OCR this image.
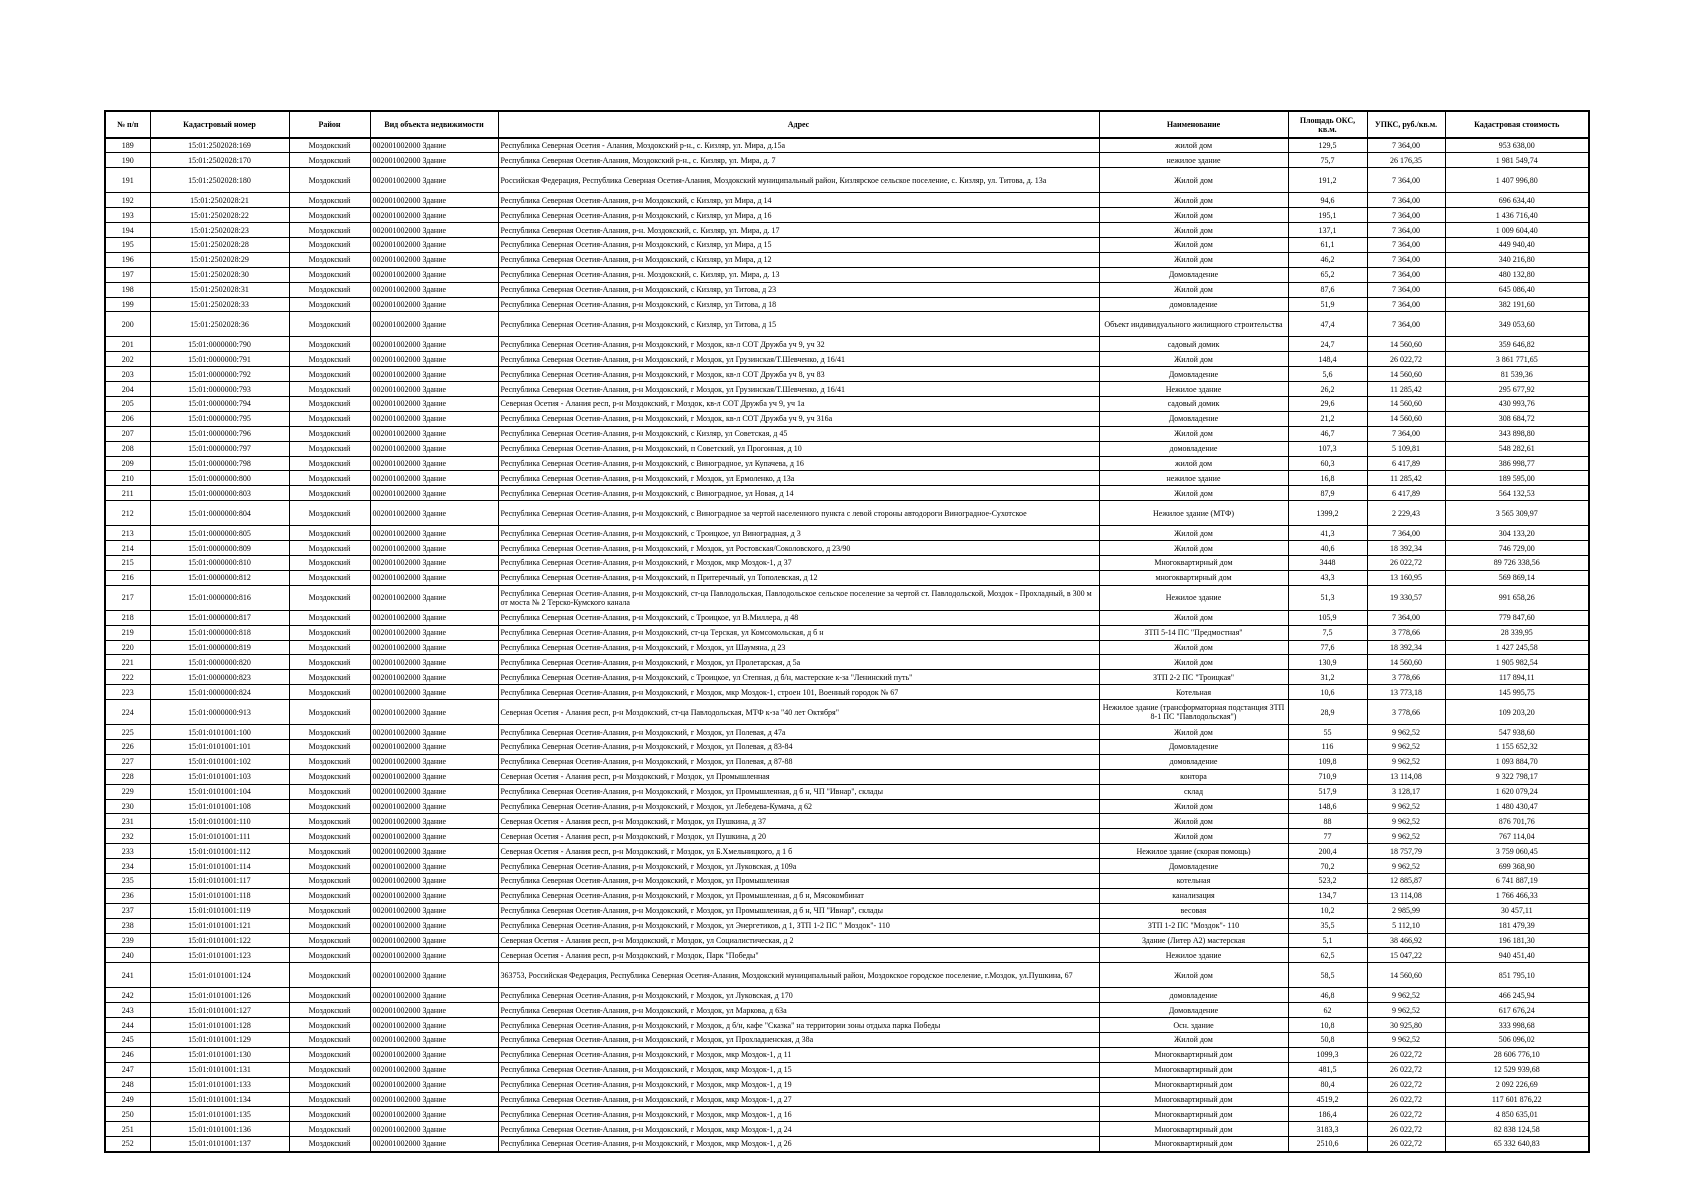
№ п/п	Кадастровый номер	Район	Вид объекта недвижимости	Адрес	Наименование	Площадь ОКС, кв.м.	УПКС, руб./кв.м.	Кадастровая стоимость
189	15:01:2502028:169	Моздокский	002001002000 Здание	Республика Северная Осетия - Алания, Моздокский р-н., с. Кизляр, ул. Мира, д.15а	жилой дом	129,5	7 364,00	953 638,00
190	15:01:2502028:170	Моздокский	002001002000 Здание	Республика Северная Осетия-Алания, Моздокский р-н., с. Кизляр, ул. Мира, д. 7	нежилое здание	75,7	26 176,35	1 981 549,74
191	15:01:2502028:180	Моздокский	002001002000 Здание	Российская Федерация, Республика Северная Осетия-Алания, Моздокский муниципальный район, Кизлярское сельское поселение, с. Кизляр, ул. Титова, д. 13а	Жилой дом	191,2	7 364,00	1 407 996,80
192	15:01:2502028:21	Моздокский	002001002000 Здание	Республика Северная Осетия-Алания, р-н Моздокский, с Кизляр, ул Мира, д 14	Жилой дом	94,6	7 364,00	696 634,40
193	15:01:2502028:22	Моздокский	002001002000 Здание	Республика Северная Осетия-Алания, р-н Моздокский, с Кизляр, ул Мира, д 16	Жилой дом	195,1	7 364,00	1 436 716,40
194	15:01:2502028:23	Моздокский	002001002000 Здание	Республика Северная Осетия-Алания, р-н. Моздокский, с. Кизляр, ул. Мира, д. 17	Жилой дом	137,1	7 364,00	1 009 604,40
195	15:01:2502028:28	Моздокский	002001002000 Здание	Республика Северная Осетия-Алания, р-н Моздокский, с Кизляр, ул Мира, д 15	Жилой дом	61,1	7 364,00	449 940,40
196	15:01:2502028:29	Моздокский	002001002000 Здание	Республика Северная Осетия-Алания, р-н Моздокский, с Кизляр, ул Мира, д 12	Жилой дом	46,2	7 364,00	340 216,80
197	15:01:2502028:30	Моздокский	002001002000 Здание	Республика Северная Осетия-Алания, р-н. Моздокский, с. Кизляр, ул. Мира, д. 13	Домовладение	65,2	7 364,00	480 132,80
198	15:01:2502028:31	Моздокский	002001002000 Здание	Республика Северная Осетия-Алания, р-н Моздокский, с Кизляр, ул Титова, д 23	Жилой дом	87,6	7 364,00	645 086,40
199	15:01:2502028:33	Моздокский	002001002000 Здание	Республика Северная Осетия-Алания, р-н Моздокский, с Кизляр, ул Титова, д 18	домовладение	51,9	7 364,00	382 191,60
200	15:01:2502028:36	Моздокский	002001002000 Здание	Республика Северная Осетия-Алания, р-н Моздокский, с Кизляр, ул Титова, д 15	Объект индивидуального жилищного строительства	47,4	7 364,00	349 053,60
201	15:01:0000000:790	Моздокский	002001002000 Здание	Республика Северная Осетия-Алания, р-н Моздокский, г Моздок, кв-л СОТ Дружба уч 9, уч 32	садовый домик	24,7	14 560,60	359 646,82
202	15:01:0000000:791	Моздокский	002001002000 Здание	Республика Северная Осетия-Алания, р-н Моздокский, г Моздок, ул Грузинская/Т.Шевченко, д 16/41	Жилой дом	148,4	26 022,72	3 861 771,65
203	15:01:0000000:792	Моздокский	002001002000 Здание	Республика Северная Осетия-Алания, р-н Моздокский, г Моздок, кв-л СОТ Дружба уч 8, уч 83	Домовладение	5,6	14 560,60	81 539,36
204	15:01:0000000:793	Моздокский	002001002000 Здание	Республика Северная Осетия-Алания, р-н Моздокский, г Моздок, ул Грузинская/Т.Шевченко, д 16/41	Нежилое здание	26,2	11 285,42	295 677,92
205	15:01:0000000:794	Моздокский	002001002000 Здание	Северная Осетия - Алания респ, р-н Моздокский, г Моздок, кв-л СОТ Дружба уч 9, уч 1а	садовый домик	29,6	14 560,60	430 993,76
206	15:01:0000000:795	Моздокский	002001002000 Здание	Республика Северная Осетия-Алания, р-н Моздокский, г Моздок, кв-л СОТ Дружба уч 9, уч 316а	Домовладение	21,2	14 560,60	308 684,72
207	15:01:0000000:796	Моздокский	002001002000 Здание	Республика Северная Осетия-Алания, р-н Моздокский, с Кизляр, ул Советская, д 45	Жилой дом	46,7	7 364,00	343 898,80
208	15:01:0000000:797	Моздокский	002001002000 Здание	Республика Северная Осетия-Алания, р-н Моздокский, п Советский, ул Прогонная, д 10	домовладение	107,3	5 109,81	548 282,61
209	15:01:0000000:798	Моздокский	002001002000 Здание	Республика Северная Осетия-Алания, р-н Моздокский, с Виноградное, ул Купачева, д 16	жилой дом	60,3	6 417,89	386 998,77
210	15:01:0000000:800	Моздокский	002001002000 Здание	Республика Северная Осетия-Алания, р-н Моздокский, г Моздок, ул Ермоленко, д 13а	нежилое здание	16,8	11 285,42	189 595,00
211	15:01:0000000:803	Моздокский	002001002000 Здание	Республика Северная Осетия-Алания, р-н Моздокский, с Виноградное, ул Новая, д 14	Жилой дом	87,9	6 417,89	564 132,53
212	15:01:0000000:804	Моздокский	002001002000 Здание	Республика Северная Осетия-Алания, р-н Моздокский, с Виноградное за чертой населенного пункта с левой стороны автодороги Виноградное-Сухотское	Нежилое здание (МТФ)	1399,2	2 229,43	3 565 309,97
213	15:01:0000000:805	Моздокский	002001002000 Здание	Республика Северная Осетия-Алания, р-н Моздокский, с Троицкое, ул Виноградная, д 3	Жилой дом	41,3	7 364,00	304 133,20
214	15:01:0000000:809	Моздокский	002001002000 Здание	Республика Северная Осетия-Алания, р-н Моздокский, г Моздок, ул Ростовская/Соколовского, д 23/90	Жилой дом	40,6	18 392,34	746 729,00
215	15:01:0000000:810	Моздокский	002001002000 Здание	Республика Северная Осетия-Алания, р-н Моздокский, г Моздок, мкр Моздок-1, д 37	Многоквартирный дом	3448	26 022,72	89 726 338,56
216	15:01:0000000:812	Моздокский	002001002000 Здание	Республика Северная Осетия-Алания, р-н Моздокский, п Притеречный, ул Тополевская, д 12	многоквартирный дом	43,3	13 160,95	569 869,14
217	15:01:0000000:816	Моздокский	002001002000 Здание	Республика Северная Осетия-Алания, р-н Моздокский, ст-ца Павлодольская, Павлодольское сельское поселение за чертой ст. Павлодольской, Моздок - Прохладный, в 300 м от моста № 2 Терско-Кумского канала	Нежилое здание	51,3	19 330,57	991 658,26
218	15:01:0000000:817	Моздокский	002001002000 Здание	Республика Северная Осетия-Алания, р-н Моздокский, с Троицкое, ул В.Миллера, д 48	Жилой дом	105,9	7 364,00	779 847,60
219	15:01:0000000:818	Моздокский	002001002000 Здание	Республика Северная Осетия-Алания, р-н Моздокский, ст-ца Терская, ул Комсомольская, д б н	ЗТП 5-14 ПС "Предмостная"	7,5	3 778,66	28 339,95
220	15:01:0000000:819	Моздокский	002001002000 Здание	Республика Северная Осетия-Алания, р-н Моздокский, г Моздок, ул Шаумяна, д 23	Жилой дом	77,6	18 392,34	1 427 245,58
221	15:01:0000000:820	Моздокский	002001002000 Здание	Республика Северная Осетия-Алания, р-н Моздокский, г Моздок, ул Пролетарская, д 5а	Жилой дом	130,9	14 560,60	1 905 982,54
222	15:01:0000000:823	Моздокский	002001002000 Здание	Республика Северная Осетия-Алания, р-н Моздокский, с Троицкое, ул Степная, д б/н, мастерские к-за "Ленинский путь"	ЗТП 2-2 ПС "Троицкая"	31,2	3 778,66	117 894,11
223	15:01:0000000:824	Моздокский	002001002000 Здание	Республика Северная Осетия-Алания, р-н Моздокский, г Моздок, мкр Моздок-1, строен 101, Военный городок № 67	Котельная	10,6	13 773,18	145 995,75
224	15:01:0000000:913	Моздокский	002001002000 Здание	Северная Осетия - Алания респ, р-н Моздокский, ст-ца Павлодольская, МТФ к-за "40 лет Октября"	Нежилое здание (трансформаторная подстанция ЗТП 8-1 ПС "Павлодольская")	28,9	3 778,66	109 203,20
225	15:01:0101001:100	Моздокский	002001002000 Здание	Республика Северная Осетия-Алания, р-н Моздокский, г Моздок, ул Полевая, д 47а	Жилой дом	55	9 962,52	547 938,60
226	15:01:0101001:101	Моздокский	002001002000 Здание	Республика Северная Осетия-Алания, р-н Моздокский, г Моздок, ул Полевая, д 83-84	Домовладение	116	9 962,52	1 155 652,32
227	15:01:0101001:102	Моздокский	002001002000 Здание	Республика Северная Осетия-Алания, р-н Моздокский, г Моздок, ул Полевая, д 87-88	домовладение	109,8	9 962,52	1 093 884,70
228	15:01:0101001:103	Моздокский	002001002000 Здание	Северная Осетия - Алания респ, р-н Моздокский, г Моздок, ул Промышленная	контора	710,9	13 114,08	9 322 798,17
229	15:01:0101001:104	Моздокский	002001002000 Здание	Республика Северная Осетия-Алания, р-н Моздокский, г Моздок, ул Промышленная, д б н, ЧП "Ивнар", склады	склад	517,9	3 128,17	1 620 079,24
230	15:01:0101001:108	Моздокский	002001002000 Здание	Республика Северная Осетия-Алания, р-н Моздокский, г Моздок, ул Лебедева-Кумача, д 62	Жилой дом	148,6	9 962,52	1 480 430,47
231	15:01:0101001:110	Моздокский	002001002000 Здание	Северная Осетия - Алания респ, р-н Моздокский, г Моздок, ул Пушкина, д 37	Жилой дом	88	9 962,52	876 701,76
232	15:01:0101001:111	Моздокский	002001002000 Здание	Северная Осетия - Алания респ, р-н Моздокский, г Моздок, ул Пушкина, д 20	Жилой дом	77	9 962,52	767 114,04
233	15:01:0101001:112	Моздокский	002001002000 Здание	Северная Осетия - Алания респ, р-н Моздокский, г Моздок, ул Б.Хмельницкого, д 1 б	Нежилое здание (скорая помощь)	200,4	18 757,79	3 759 060,45
234	15:01:0101001:114	Моздокский	002001002000 Здание	Республика Северная Осетия-Алания, р-н Моздокский, г Моздок, ул Луковская, д 109а	Домовладение	70,2	9 962,52	699 368,90
235	15:01:0101001:117	Моздокский	002001002000 Здание	Республика Северная Осетия-Алания, р-н Моздокский, г Моздок, ул Промышленная	котельная	523,2	12 885,87	6 741 887,19
236	15:01:0101001:118	Моздокский	002001002000 Здание	Республика Северная Осетия-Алания, р-н Моздокский, г Моздок, ул Промышленная, д б н, Мясокомбинат	канализация	134,7	13 114,08	1 766 466,33
237	15:01:0101001:119	Моздокский	002001002000 Здание	Республика Северная Осетия-Алания, р-н Моздокский, г Моздок, ул Промышленная, д б н, ЧП "Ивнар", склады	весовая	10,2	2 985,99	30 457,11
238	15:01:0101001:121	Моздокский	002001002000 Здание	Республика Северная Осетия-Алания, р-н Моздокский, г Моздок, ул Энергетиков, д 1, ЗТП 1-2 ПС " Моздок"- 110	ЗТП 1-2 ПС "Моздок"- 110	35,5	5 112,10	181 479,39
239	15:01:0101001:122	Моздокский	002001002000 Здание	Северная Осетия - Алания респ, р-н Моздокский, г Моздок, ул Социалистическая, д 2	Здание (Литер А2) мастерская	5,1	38 466,92	196 181,30
240	15:01:0101001:123	Моздокский	002001002000 Здание	Северная Осетия - Алания респ, р-н Моздокский, г Моздок, Парк "Победы"	Нежилое здание	62,5	15 047,22	940 451,40
241	15:01:0101001:124	Моздокский	002001002000 Здание	363753, Российская Федерация, Республика Северная Осетия-Алания, Моздокский муниципальный район, Моздокское городское поселение, г.Моздок, ул.Пушкина, 67	Жилой дом	58,5	14 560,60	851 795,10
242	15:01:0101001:126	Моздокский	002001002000 Здание	Республика Северная Осетия-Алания, р-н Моздокский, г Моздок, ул Луковская, д 170	домовладение	46,8	9 962,52	466 245,94
243	15:01:0101001:127	Моздокский	002001002000 Здание	Республика Северная Осетия-Алания, р-н Моздокский, г Моздок, ул Маркова, д 63а	Домовладение	62	9 962,52	617 676,24
244	15:01:0101001:128	Моздокский	002001002000 Здание	Республика Северная Осетия-Алания, р-н Моздокский, г Моздок, д б/н, кафе "Сказка" на территории зоны отдыха парка Победы	Осн. здание	10,8	30 925,80	333 998,68
245	15:01:0101001:129	Моздокский	002001002000 Здание	Республика Северная Осетия-Алания, р-н Моздокский, г Моздок, ул Прохладненская, д 38а	Жилой дом	50,8	9 962,52	506 096,02
246	15:01:0101001:130	Моздокский	002001002000 Здание	Республика Северная Осетия-Алания, р-н Моздокский, г Моздок, мкр Моздок-1, д 11	Многоквартирный дом	1099,3	26 022,72	28 606 776,10
247	15:01:0101001:131	Моздокский	002001002000 Здание	Республика Северная Осетия-Алания, р-н Моздокский, г Моздок, мкр Моздок-1, д 15	Многоквартирный дом	481,5	26 022,72	12 529 939,68
248	15:01:0101001:133	Моздокский	002001002000 Здание	Республика Северная Осетия-Алания, р-н Моздокский, г Моздок, мкр Моздок-1, д 19	Многоквартирный дом	80,4	26 022,72	2 092 226,69
249	15:01:0101001:134	Моздокский	002001002000 Здание	Республика Северная Осетия-Алания, р-н Моздокский, г Моздок, мкр Моздок-1, д 27	Многоквартирный дом	4519,2	26 022,72	117 601 876,22
250	15:01:0101001:135	Моздокский	002001002000 Здание	Республика Северная Осетия-Алания, р-н Моздокский, г Моздок, мкр Моздок-1, д 16	Многоквартирный дом	186,4	26 022,72	4 850 635,01
251	15:01:0101001:136	Моздокский	002001002000 Здание	Республика Северная Осетия-Алания, р-н Моздокский, г Моздок, мкр Моздок-1, д 24	Многоквартирный дом	3183,3	26 022,72	82 838 124,58
252	15:01:0101001:137	Моздокский	002001002000 Здание	Республика Северная Осетия-Алания, р-н Моздокский, г Моздок, мкр Моздок-1, д 26	Многоквартирный дом	2510,6	26 022,72	65 332 640,83
